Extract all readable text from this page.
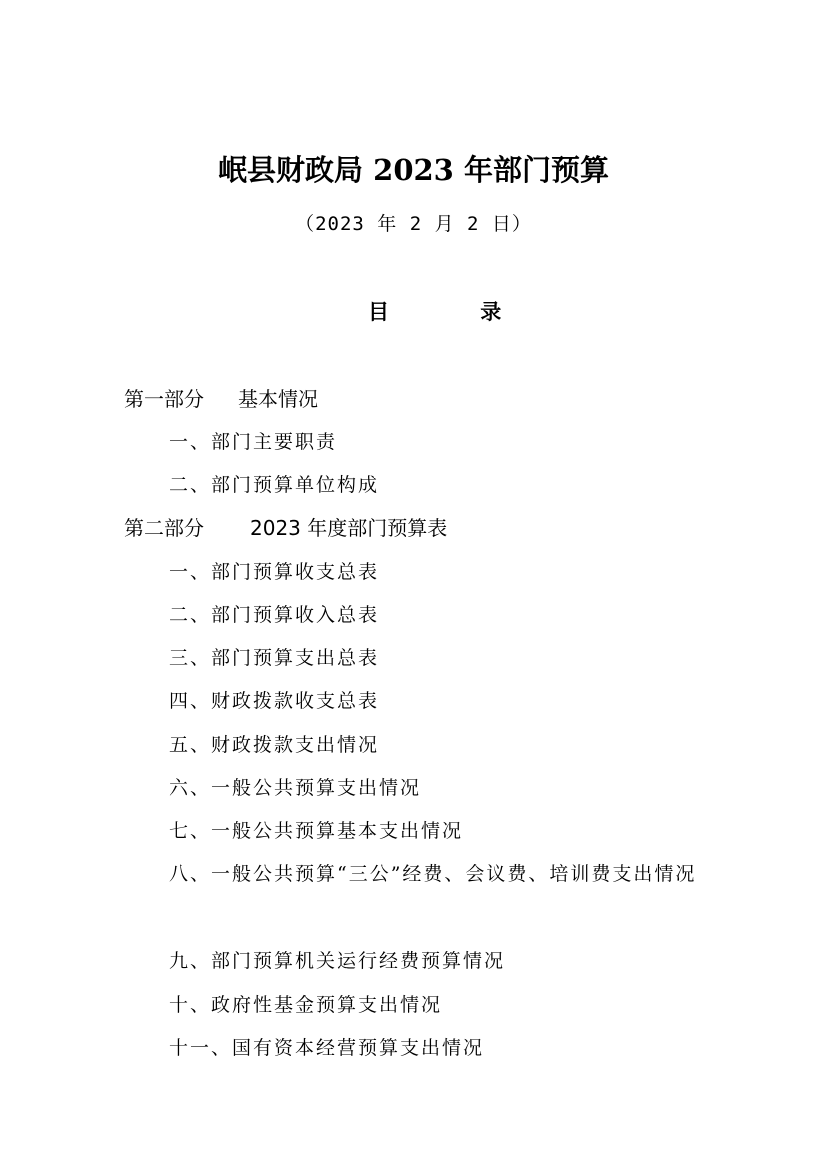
岷县财政局 2023 年部门预算
（2023 年 2 月 2 日）
目 录
第一部分 基本情况
一、部门主要职责
二、部门预算单位构成
第二部分 2023 年度部门预算表
一、部门预算收支总表
二、部门预算收入总表
三、部门预算支出总表
四、财政拨款收支总表
五、财政拨款支出情况
六、一般公共预算支出情况
七、一般公共预算基本支出情况
八、一般公共预算“三公”经费、会议费、培训费支出情况
九、部门预算机关运行经费预算情况
十、政府性基金预算支出情况
十一、国有资本经营预算支出情况
